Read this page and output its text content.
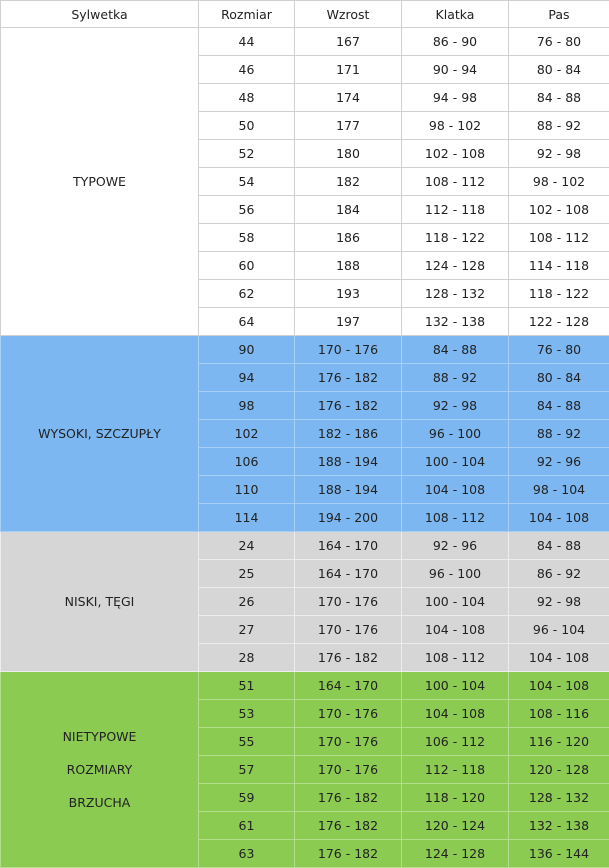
Sylwetka	Rozmiar	Wzrost	Klatka	Pas

TYPOWE	44	167	86 - 90	76 - 80
	46	171	90 - 94	80 - 84
	48	174	94 - 98	84 - 88
	50	177	98 - 102	88 - 92
	52	180	102 - 108	92 - 98
	54	182	108 - 112	98 - 102
	56	184	112 - 118	102 - 108
	58	186	118 - 122	108 - 112
	60	188	124 - 128	114 - 118
	62	193	128 - 132	118 - 122
	64	197	132 - 138	122 - 128

WYSOKI, SZCZUPŁY	90	170 - 176	84 - 88	76 - 80
	94	176 - 182	88 - 92	80 - 84
	98	176 - 182	92 - 98	84 - 88
	102	182 - 186	96 - 100	88 - 92
	106	188 - 194	100 - 104	92 - 96
	110	188 - 194	104 - 108	98 - 104
	114	194 - 200	108 - 112	104 - 108

NISKI, TĘGI	24	164 - 170	92 - 96	84 - 88
	25	164 - 170	96 - 100	86 - 92
	26	170 - 176	100 - 104	92 - 98
	27	170 - 176	104 - 108	96 - 104
	28	176 - 182	108 - 112	104 - 108

NIETYPOWE
ROZMIARY
BRZUCHA	51	164 - 170	100 - 104	104 - 108
	53	170 - 176	104 - 108	108 - 116
	55	170 - 176	106 - 112	116 - 120
	57	170 - 176	112 - 118	120 - 128
	59	176 - 182	118 - 120	128 - 132
	61	176 - 182	120 - 124	132 - 138
	63	176 - 182	124 - 128	136 - 144
